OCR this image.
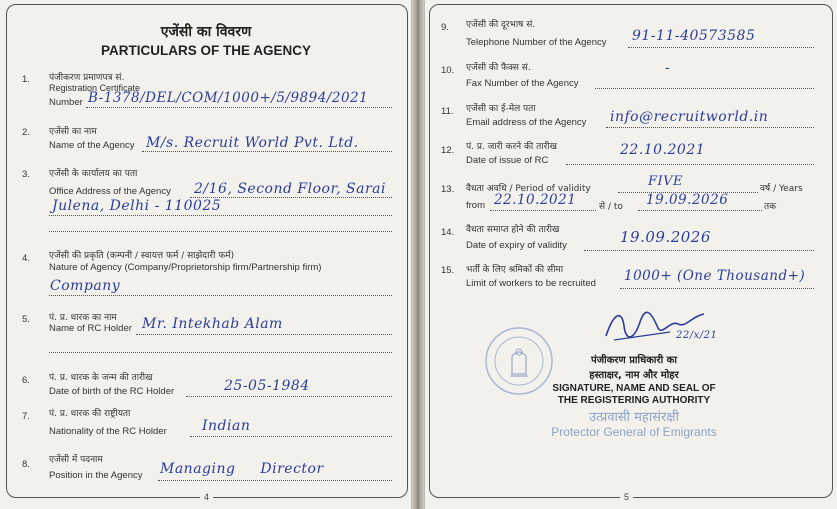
एजेंसी का विवरण
PARTICULARS OF THE AGENCY
1. पंजीकरण प्रमाणपत्र सं.
Registration Certificate
Number B-1378/DEL/COM/1000+/5/9894/2021
2. एजेंसी का नाम
Name of the Agency M/s. Recruit World Pvt. Ltd.
3. एजेंसी के कार्यालय का पता
Office Address of the Agency 2/16, Second Floor, Sarai
Julena, Delhi - 110025
4. एजेंसी की प्रकृति (कम्पनी / स्वायत्त फर्म / साझेदारी फर्म)
Nature of Agency (Company/Proprietorship firm/Partnership firm)
Company
5. पं. प्र. धारक का नाम
Name of RC Holder Mr. Intekhab Alam
6. पं. प्र. धारक के जन्म की तारीख
Date of birth of the RC Holder	25-05-1984
7. पं. प्र. धारक की राष्ट्रीयता
Nationality of the RC Holder	Indian
8. एजेंसी में पदनाम
Position in the Agency Managing Director
4
9. एजेंसी की दूरभाष सं.
Telephone Number of the Agency 91-11-40573585
10. एजेंसी की फैक्स सं.
Fax Number of the Agency
-
11. एजेंसी का ई-मेल पता
Email address of the Agency info@recruitworld.in
12. पं. प्र. जारी करने की तारीख
Date of issue of RC
22.10.2021
13. वैधता अवधि / Period of validity	FIVE	वर्ष / Years
from 22.10.2021	से / to 19.09.2026	तक
14. वैधता समाप्त होने की तारीख
Date of expiry of validity	19.09.2026
15. भर्ती के लिए श्रमिकों की सीमा
Limit of workers to be recruited 1000+ (One Thousand+)
22/x/21
पंजीकरण प्राधिकारी का
हस्ताक्षर, नाम और मोहर
SIGNATURE, NAME AND SEAL OF
THE REGISTERING AUTHORITY
उत्प्रवासी महासंरक्षी
Protector General of Emigrants
5
